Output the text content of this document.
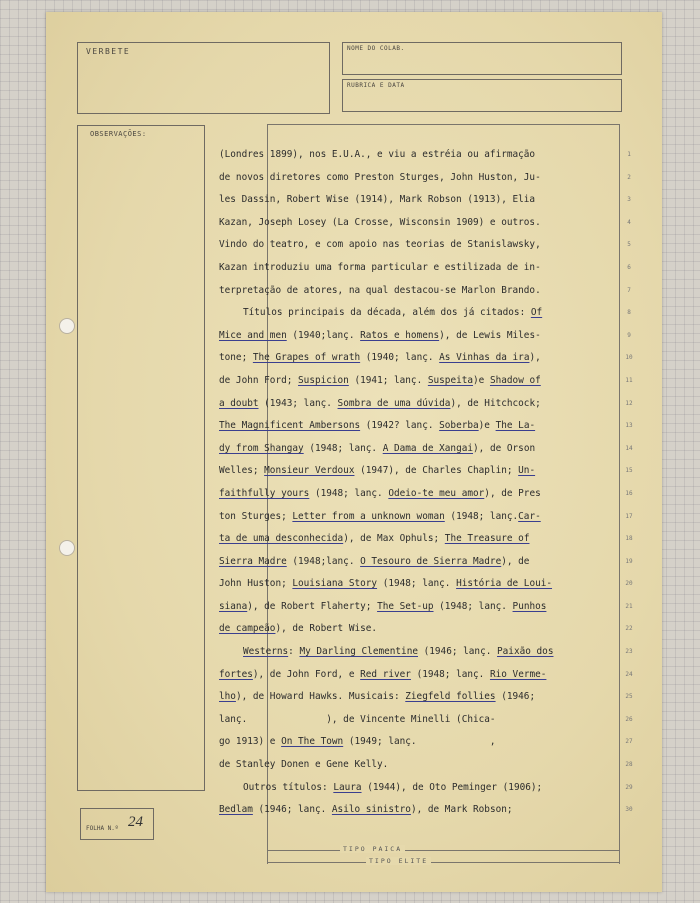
VERBETE	NOME DO COLAB.
RUBRICA E DATA
OBSERVAÇÕES:
FOLHA N.º 24
TIPO PAICA
TIPO ELITE
1
2
3
4
5
6
7
8
9
10
11
12
13
14
15
16
17
18
19
20
21
22
23
24
25
26
27
28
29
30
(Londres 1899), nos E.U.A., e viu a estréia ou afirmação
de novos diretores como Preston Sturges, John Huston, Ju-
les Dassin, Robert Wise (1914), Mark Robson (1913), Elia
Kazan, Joseph Losey (La Crosse, Wisconsin 1909) e outros.
Vindo do teatro, e com apoio nas teorias de Stanislawsky,
Kazan introduziu uma forma particular e estilizada de in-
terpretação de atores, na qual destacou-se Marlon Brando.
Títulos principais da década, além dos já citados: Of
Mice and men (1940;lanç. Ratos e homens), de Lewis Miles-
tone; The Grapes of wrath (1940; lanç. As Vinhas da ira),
de John Ford; Suspicion (1941; lanç. Suspeita)e Shadow of
a doubt (1943; lanç. Sombra de uma dúvida), de Hitchcock;
The Magnificent Ambersons (1942? lanç. Soberba)e The La-
dy from Shangay (1948; lanç. A Dama de Xangai), de Orson
Welles; Monsieur Verdoux (1947), de Charles Chaplin; Un-
faithfully yours (1948; lanç. Odeio-te meu amor), de Pres
ton Sturges; Letter from a unknown woman (1948; lanç.Car-
ta de uma desconhecida), de Max Ophuls; The Treasure of
Sierra Madre (1948;lanç. O Tesouro de Sierra Madre), de
John Huston; Louisiana Story (1948; lanç. História de Loui-
siana), de Robert Flaherty; The Set-up (1948; lanç. Punhos
de campeão), de Robert Wise.
Westerns: My Darling Clementine (1946; lanç. Paixão dos
fortes), de John Ford, e Red river (1948; lanç. Rio Verme-
lho), de Howard Hawks. Musicais: Ziegfeld follies (1946;
lanç.              ), de Vincente Minelli (Chica-
go 1913) e On The Town (1949; lanç.             ,
de Stanley Donen e Gene Kelly.
Outros títulos: Laura (1944), de Oto Peminger (1906);
Bedlam (1946; lanç. Asilo sinistro), de Mark Robson;
